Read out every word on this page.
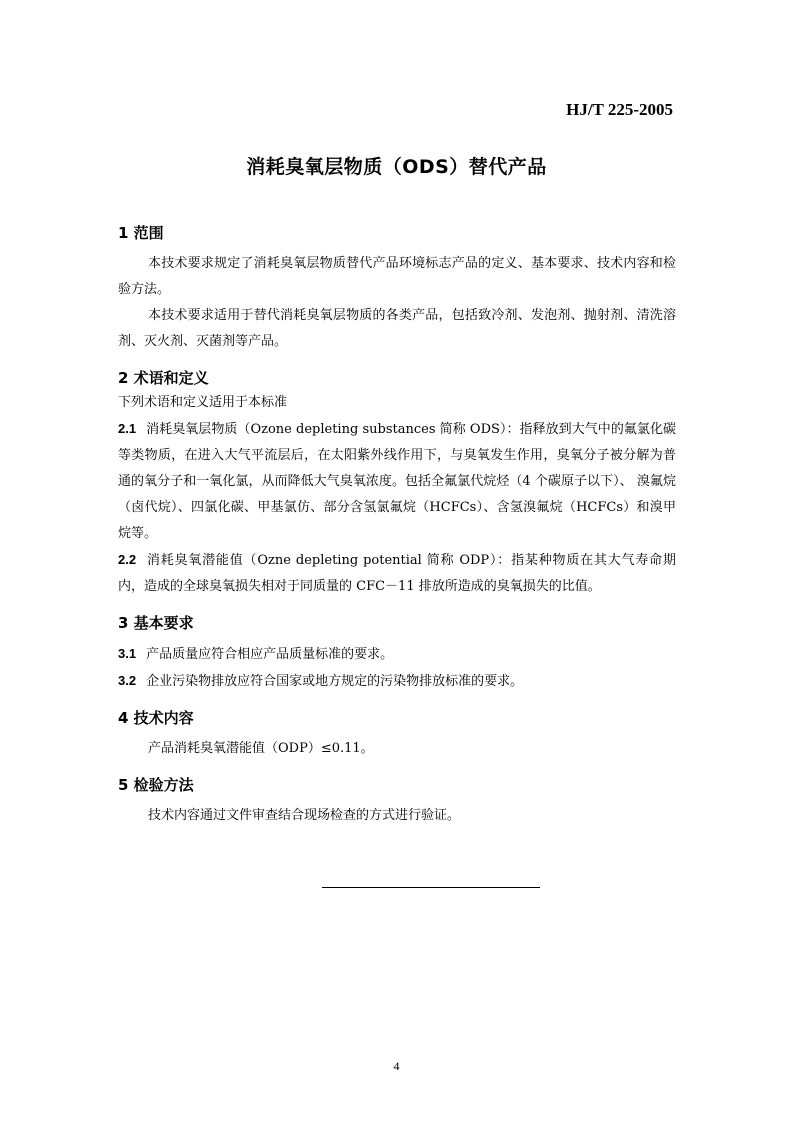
HJ/T 225-2005
消耗臭氧层物质（ODS）替代产品
1 范围

本技术要求规定了消耗臭氧层物质替代产品环境标志产品的定义、基本要求、技术内容和检验方法。

本技术要求适用于替代消耗臭氧层物质的各类产品，包括致冷剂、发泡剂、抛射剂、清洗溶剂、灭火剂、灭菌剂等产品。

2 术语和定义

下列术语和定义适用于本标准

2.1 消耗臭氧层物质（Ozone depleting substances 简称 ODS）：指释放到大气中的氟氯化碳等类物质，在进入大气平流层后，在太阳紫外线作用下，与臭氧发生作用，臭氧分子被分解为普通的氧分子和一氧化氯，从而降低大气臭氧浓度。包括全氟氯代烷烃（4 个碳原子以下）、 溴氟烷（卤代烷）、四氯化碳、甲基氯仿、部分含氢氯氟烷（HCFCs）、含氢溴氟烷（HCFCs）和溴甲烷等。

2.2 消耗臭氧潜能值（Ozne depleting potential 简称 ODP）：指某种物质在其大气寿命期内，造成的全球臭氧损失相对于同质量的 CFC－11 排放所造成的臭氧损失的比值。

3 基本要求

3.1 产品质量应符合相应产品质量标准的要求。

3.2 企业污染物排放应符合国家或地方规定的污染物排放标准的要求。

4 技术内容

产品消耗臭氧潜能值（ODP）≤0.11。

5 检验方法

技术内容通过文件审查结合现场检查的方式进行验证。

4
